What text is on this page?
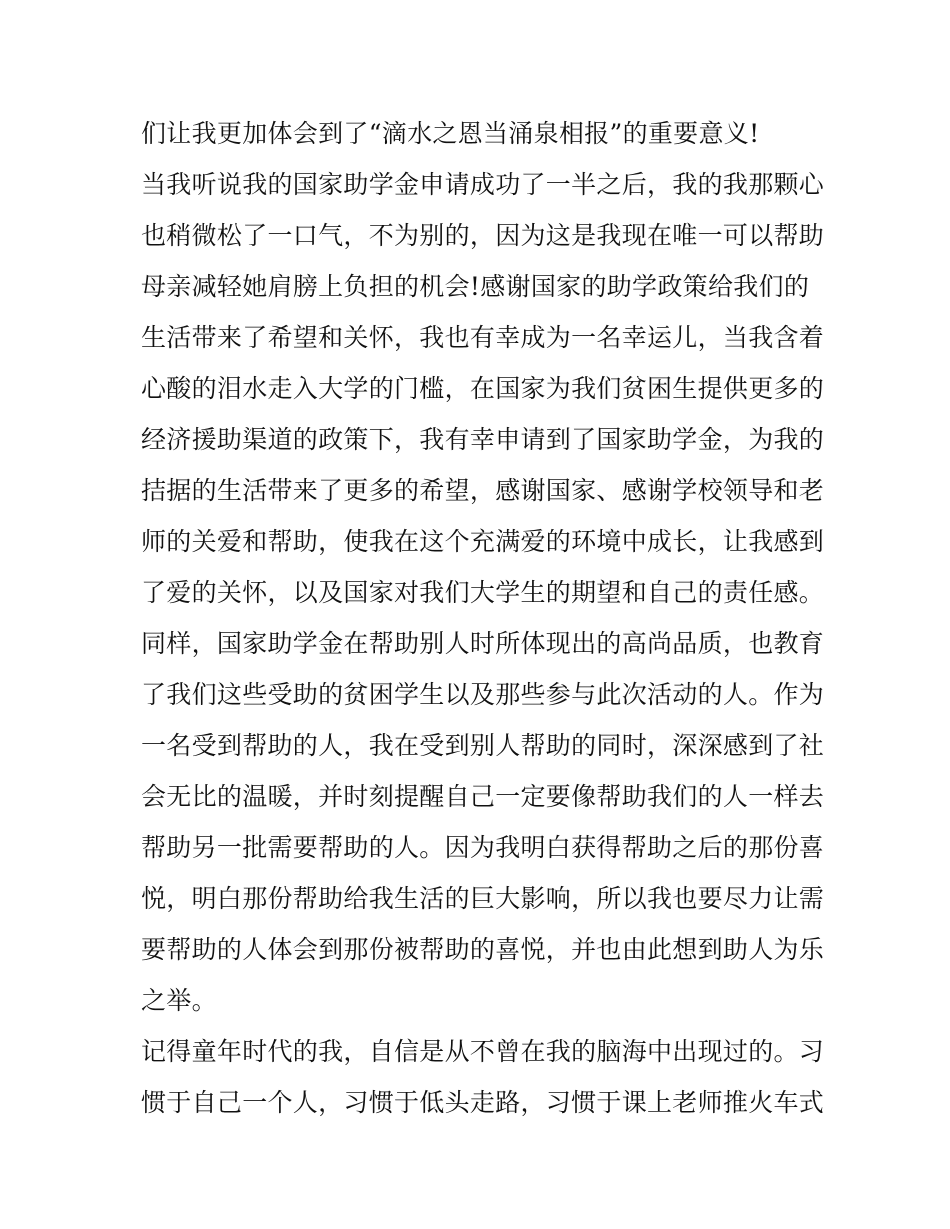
们让我更加体会到了“滴水之恩当涌泉相报”的重要意义!
当我听说我的国家助学金申请成功了一半之后，我的我那颗心
也稍微松了一口气，不为别的，因为这是我现在唯一可以帮助
母亲减轻她肩膀上负担的机会!感谢国家的助学政策给我们的
生活带来了希望和关怀，我也有幸成为一名幸运儿，当我含着
心酸的泪水走入大学的门槛，在国家为我们贫困生提供更多的
经济援助渠道的政策下，我有幸申请到了国家助学金，为我的
拮据的生活带来了更多的希望，感谢国家、感谢学校领导和老
师的关爱和帮助，使我在这个充满爱的环境中成长，让我感到
了爱的关怀，以及国家对我们大学生的期望和自己的责任感。
同样，国家助学金在帮助别人时所体现出的高尚品质，也教育
了我们这些受助的贫困学生以及那些参与此次活动的人。作为
一名受到帮助的人，我在受到别人帮助的同时，深深感到了社
会无比的温暖，并时刻提醒自己一定要像帮助我们的人一样去
帮助另一批需要帮助的人。因为我明白获得帮助之后的那份喜
悦，明白那份帮助给我生活的巨大影响，所以我也要尽力让需
要帮助的人体会到那份被帮助的喜悦，并也由此想到助人为乐
之举。
记得童年时代的我，自信是从不曾在我的脑海中出现过的。习
惯于自己一个人，习惯于低头走路，习惯于课上老师推火车式
